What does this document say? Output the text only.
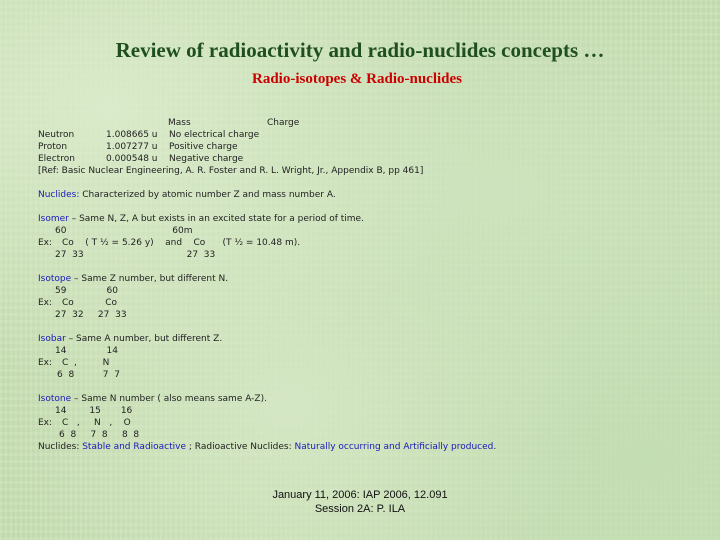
Review of radioactivity and radio-nuclides concepts …
Radio-isotopes & Radio-nuclides
Mass	Charge
Neutron	1.008665 u No electrical charge
Proton	1.007277 u Positive charge
Electron	0.000548 u Negative charge
[Ref: Basic Nuclear Engineering, A. R. Foster and R. L. Wright, Jr., Appendix B, pp 461]
Nuclides: Characterized by atomic number Z and mass number A.
Isomer – Same N, Z, A but exists in an excited state for a period of time.
60                                     60m
Ex: Co    ( T ½ = 5.26 y)    and    Co      (T ½ = 10.48 m).
27  33                                    27  33
Isotope – Same Z number, but different N.
59              60
Ex: Co           Co
27  32     27  33
Isobar – Same A number, but different Z.
14              14
Ex: C  ,         N
6  8          7  7
Isotone – Same N number ( also means same A-Z).
14        15       16
Ex: C   ,     N   ,    O
6  8     7  8     8  8
Nuclides: Stable and Radioactive ; Radioactive Nuclides: Naturally occurring and Artificially produced.
January 11, 2006: IAP 2006, 12.091
Session 2A: P. ILA
